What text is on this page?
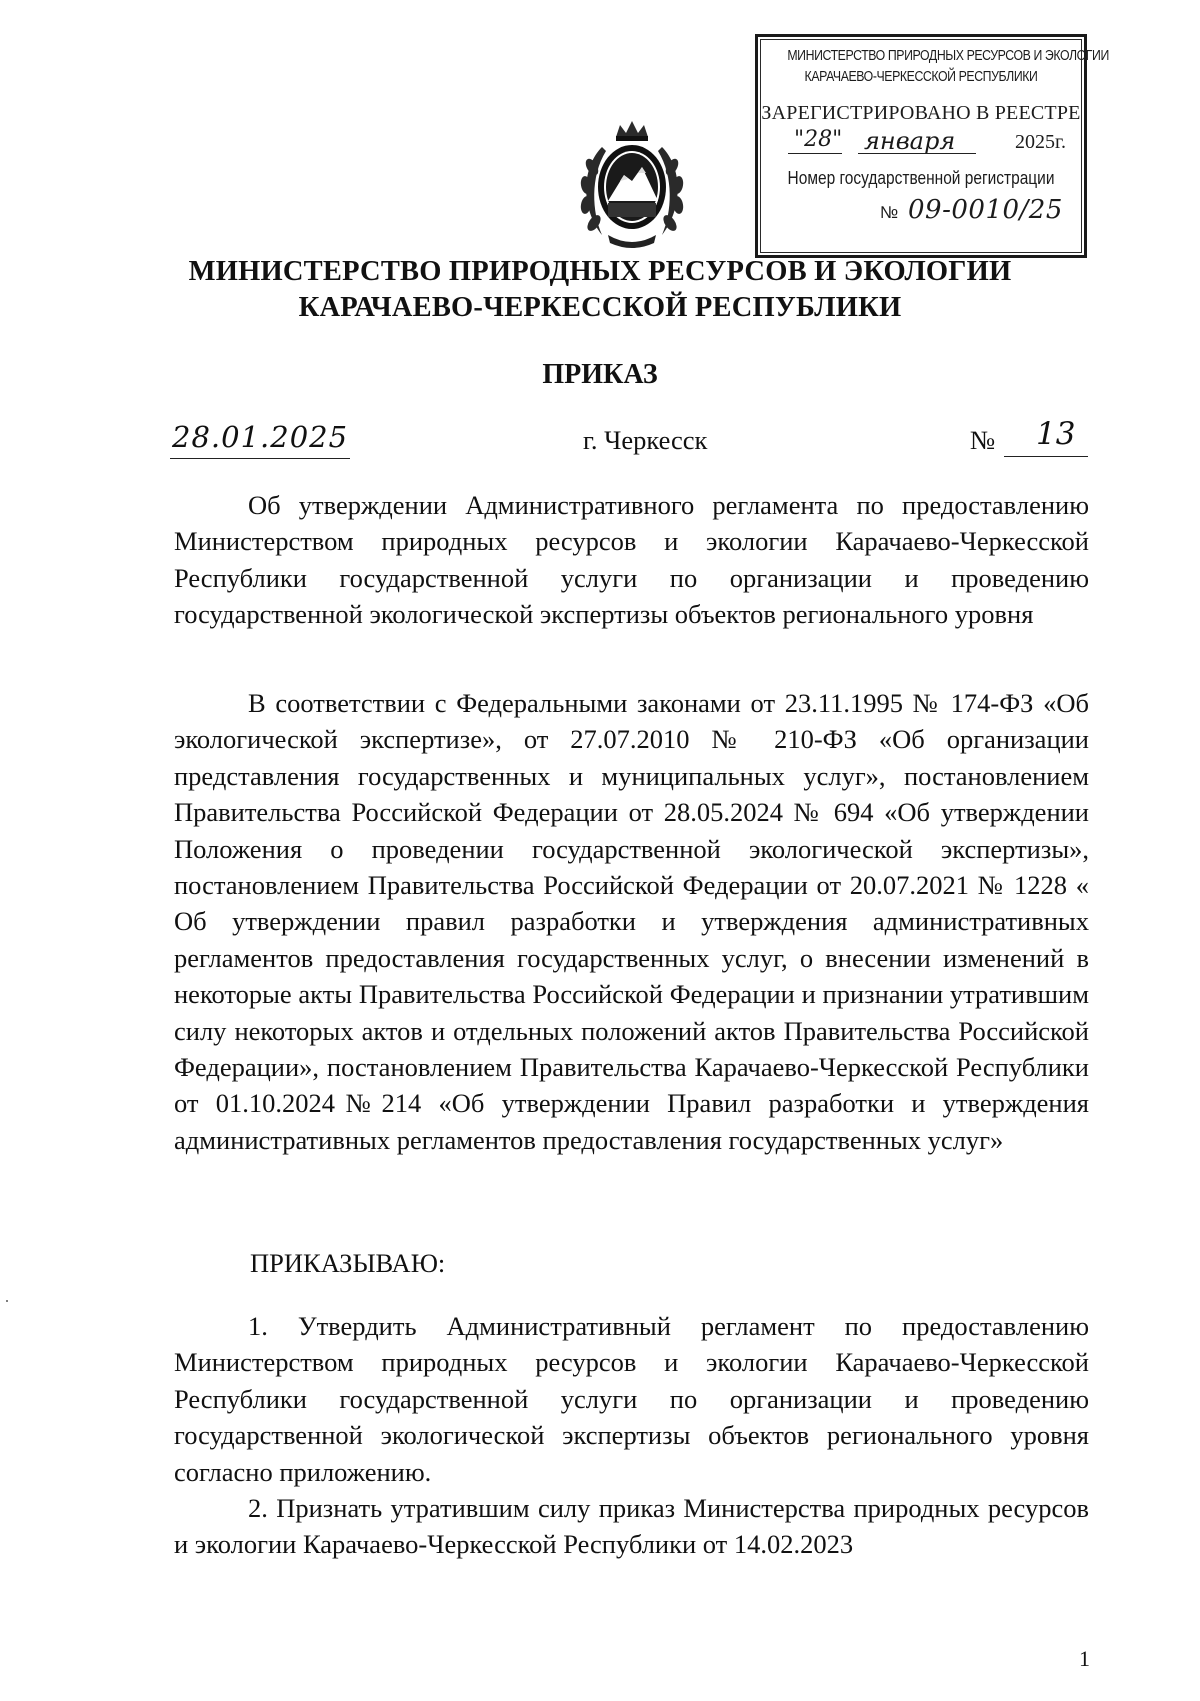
МИНИСТЕРСТВО ПРИРОДНЫХ РЕСУРСОВ И ЭКОЛОГИИ
КАРАЧАЕВО-ЧЕРКЕССКОЙ РЕСПУБЛИКИ
ЗАРЕГИСТРИРОВАНО В РЕЕСТРЕ
"28" января	2025г.
Номер государственной регистрации
№ 09-0010/25
МИНИСТЕРСТВО ПРИРОДНЫХ РЕСУРСОВ И ЭКОЛОГИИ
КАРАЧАЕВО-ЧЕРКЕССКОЙ РЕСПУБЛИКИ
ПРИКАЗ
28.01.2025	г. Черкесск	№ 13
Об утверждении Административного регламента по предоставлению Министерством природных ресурсов и экологии Карачаево-Черкесской Республики государственной услуги по организации и проведению государственной экологической экспертизы объектов регионального уровня
В соответствии с Федеральными законами от 23.11.1995 № 174-ФЗ «Об экологической экспертизе», от 27.07.2010 № 210-ФЗ «Об организации представления государственных и муниципальных услуг», постановлением Правительства Российской Федерации от 28.05.2024 № 694 «Об утверждении Положения о проведении государственной экологической экспертизы», постановлением Правительства Российской Федерации от 20.07.2021 № 1228 « Об утверждении правил разработки и утверждения административных регламентов предоставления государственных услуг, о внесении изменений в некоторые акты Правительства Российской Федерации и признании утратившим силу некоторых актов и отдельных положений актов Правительства Российской Федерации», постановлением Правительства Карачаево-Черкесской Республики от 01.10.2024№214 «Об утверждении Правил разработки и утверждения административных регламентов предоставления государственных услуг»
ПРИКАЗЫВАЮ:
1. Утвердить Административный регламент по предоставлению Министерством природных ресурсов и экологии Карачаево-Черкесской Республики государственной услуги по организации и проведению государственной экологической экспертизы объектов регионального уровня согласно приложению.
2. Признать утратившим силу приказ Министерства природных ресурсов и экологии Карачаево-Черкесской Республики от 14.02.2023
1
